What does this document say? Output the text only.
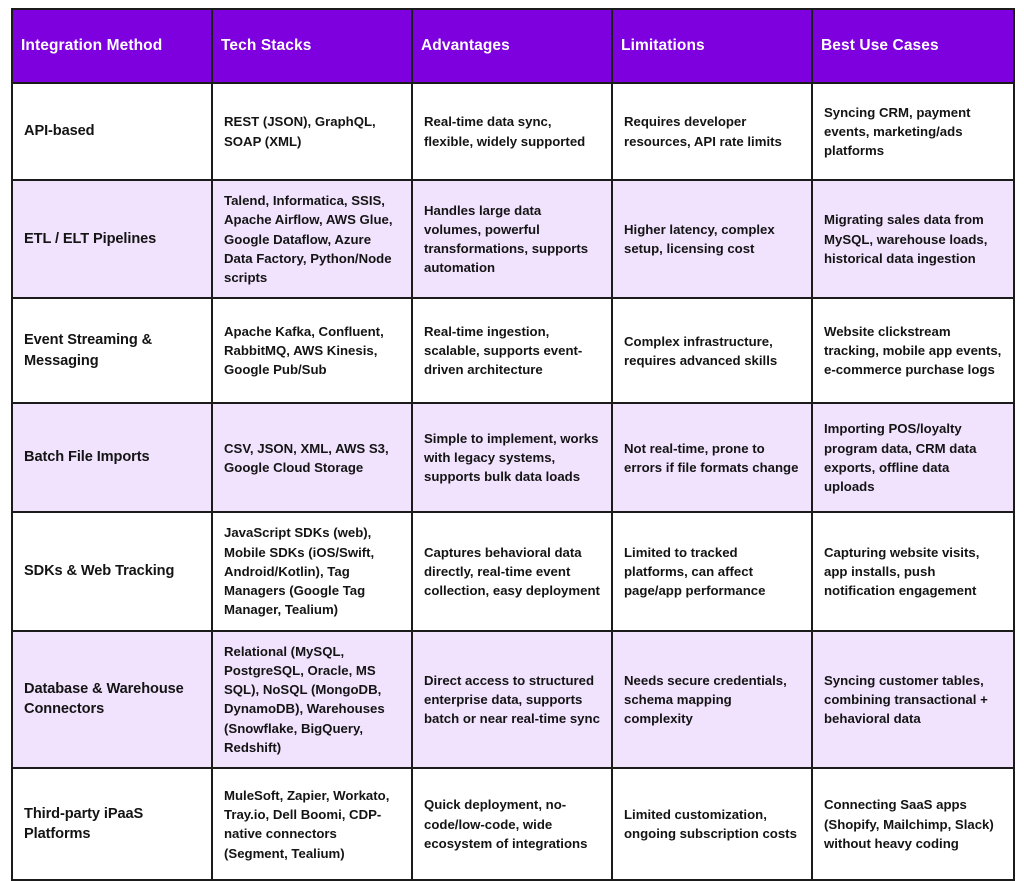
Integration Method	Tech Stacks	Advantages	Limitations	Best Use Cases
API-based	REST (JSON), GraphQL, SOAP (XML)	Real-time data sync, flexible, widely supported	Requires developer resources, API rate limits	Syncing CRM, payment events, marketing/ads platforms
ETL / ELT Pipelines	Talend, Informatica, SSIS, Apache Airflow, AWS Glue, Google Dataflow, Azure Data Factory, Python/Node scripts	Handles large data volumes, powerful transformations, supports automation	Higher latency, complex setup, licensing cost	Migrating sales data from MySQL, warehouse loads, historical data ingestion
Event Streaming & Messaging	Apache Kafka, Confluent, RabbitMQ, AWS Kinesis, Google Pub/Sub	Real-time ingestion, scalable, supports event-driven architecture	Complex infrastructure, requires advanced skills	Website clickstream tracking, mobile app events, e-commerce purchase logs
Batch File Imports	CSV, JSON, XML, AWS S3, Google Cloud Storage	Simple to implement, works with legacy systems, supports bulk data loads	Not real-time, prone to errors if file formats change	Importing POS/loyalty program data, CRM data exports, offline data uploads
SDKs & Web Tracking	JavaScript SDKs (web), Mobile SDKs (iOS/Swift, Android/Kotlin), Tag Managers (Google Tag Manager, Tealium)	Captures behavioral data directly, real-time event collection, easy deployment	Limited to tracked platforms, can affect page/app performance	Capturing website visits, app installs, push notification engagement
Database & Warehouse Connectors	Relational (MySQL, PostgreSQL, Oracle, MS SQL), NoSQL (MongoDB, DynamoDB), Warehouses (Snowflake, BigQuery, Redshift)	Direct access to structured enterprise data, supports batch or near real-time sync	Needs secure credentials, schema mapping complexity	Syncing customer tables, combining transactional + behavioral data
Third-party iPaaS Platforms	MuleSoft, Zapier, Workato, Tray.io, Dell Boomi, CDP-native connectors (Segment, Tealium)	Quick deployment, no-code/low-code, wide ecosystem of integrations	Limited customization, ongoing subscription costs	Connecting SaaS apps (Shopify, Mailchimp, Slack) without heavy coding
